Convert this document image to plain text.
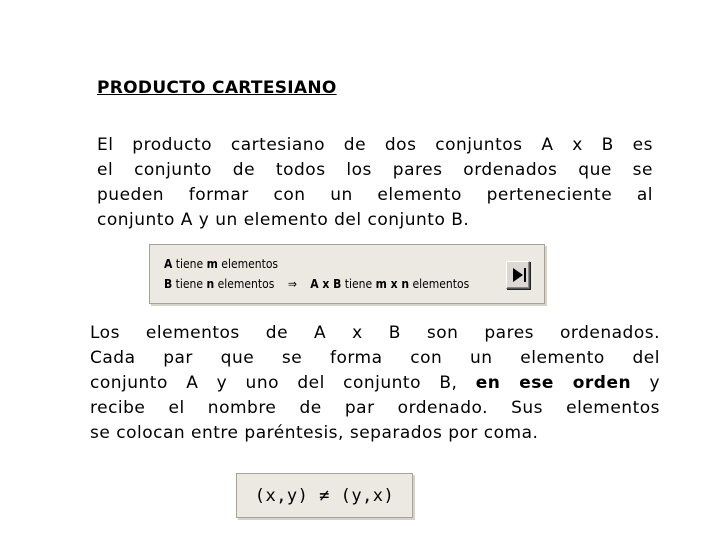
PRODUCTO CARTESIANO
El producto cartesiano de dos conjuntos A x B es
el conjunto de todos los pares ordenados que se
pueden formar con un elemento perteneciente al
conjunto A y un elemento del conjunto B.
A tiene m elementos
B tiene n elementos ⇒ A x B tiene m x n elementos
Los elementos de A x B son pares ordenados.
Cada par que se forma con un elemento del
conjunto A y uno del conjunto B, en ese orden y
recibe el nombre de par ordenado. Sus elementos
se colocan entre paréntesis, separados por coma.
(x,y) ≠ (y,x)
